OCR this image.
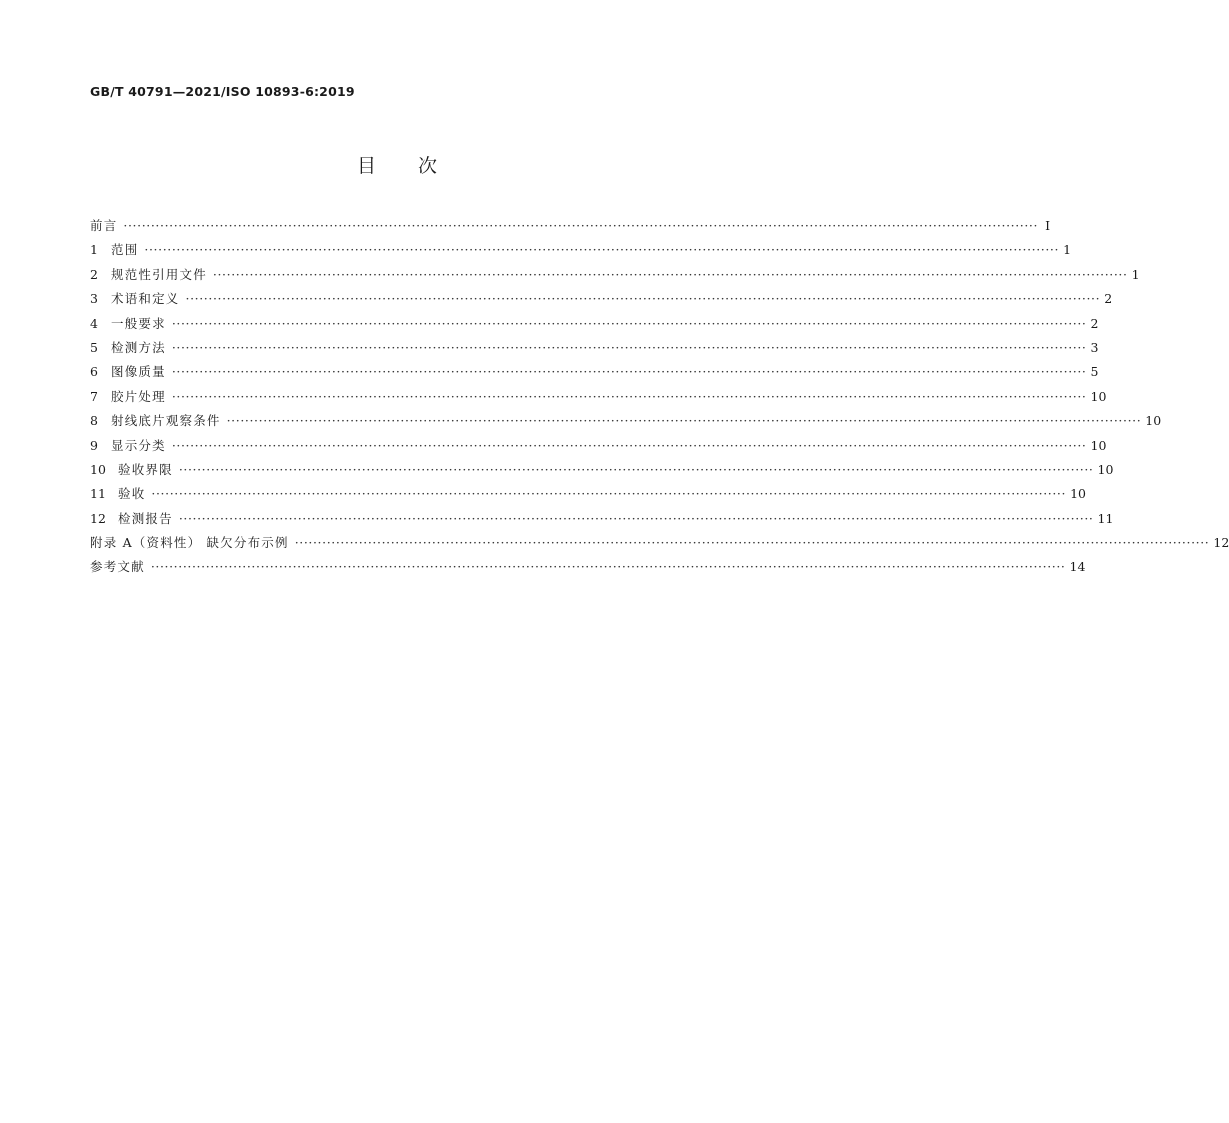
GB/T 40791—2021/ISO 10893-6:2019
目次
前言 ········································································································································································································ Ⅰ
1	范围 ········································································································································································································ 1
2	规范性引用文件 ········································································································································································································ 1
3	术语和定义 ········································································································································································································ 2
4	一般要求 ········································································································································································································ 2
5	检测方法 ········································································································································································································ 3
6	图像质量 ········································································································································································································ 5
7	胶片处理 ········································································································································································································ 10
8	射线底片观察条件 ········································································································································································································ 10
9	显示分类 ········································································································································································································ 10
10 验收界限 ········································································································································································································ 10
11 验收 ········································································································································································································ 10
12 检测报告 ········································································································································································································ 11
附录 A（资料性） 缺欠分布示例 ········································································································································································································ 12
参考文献 ········································································································································································································ 14
